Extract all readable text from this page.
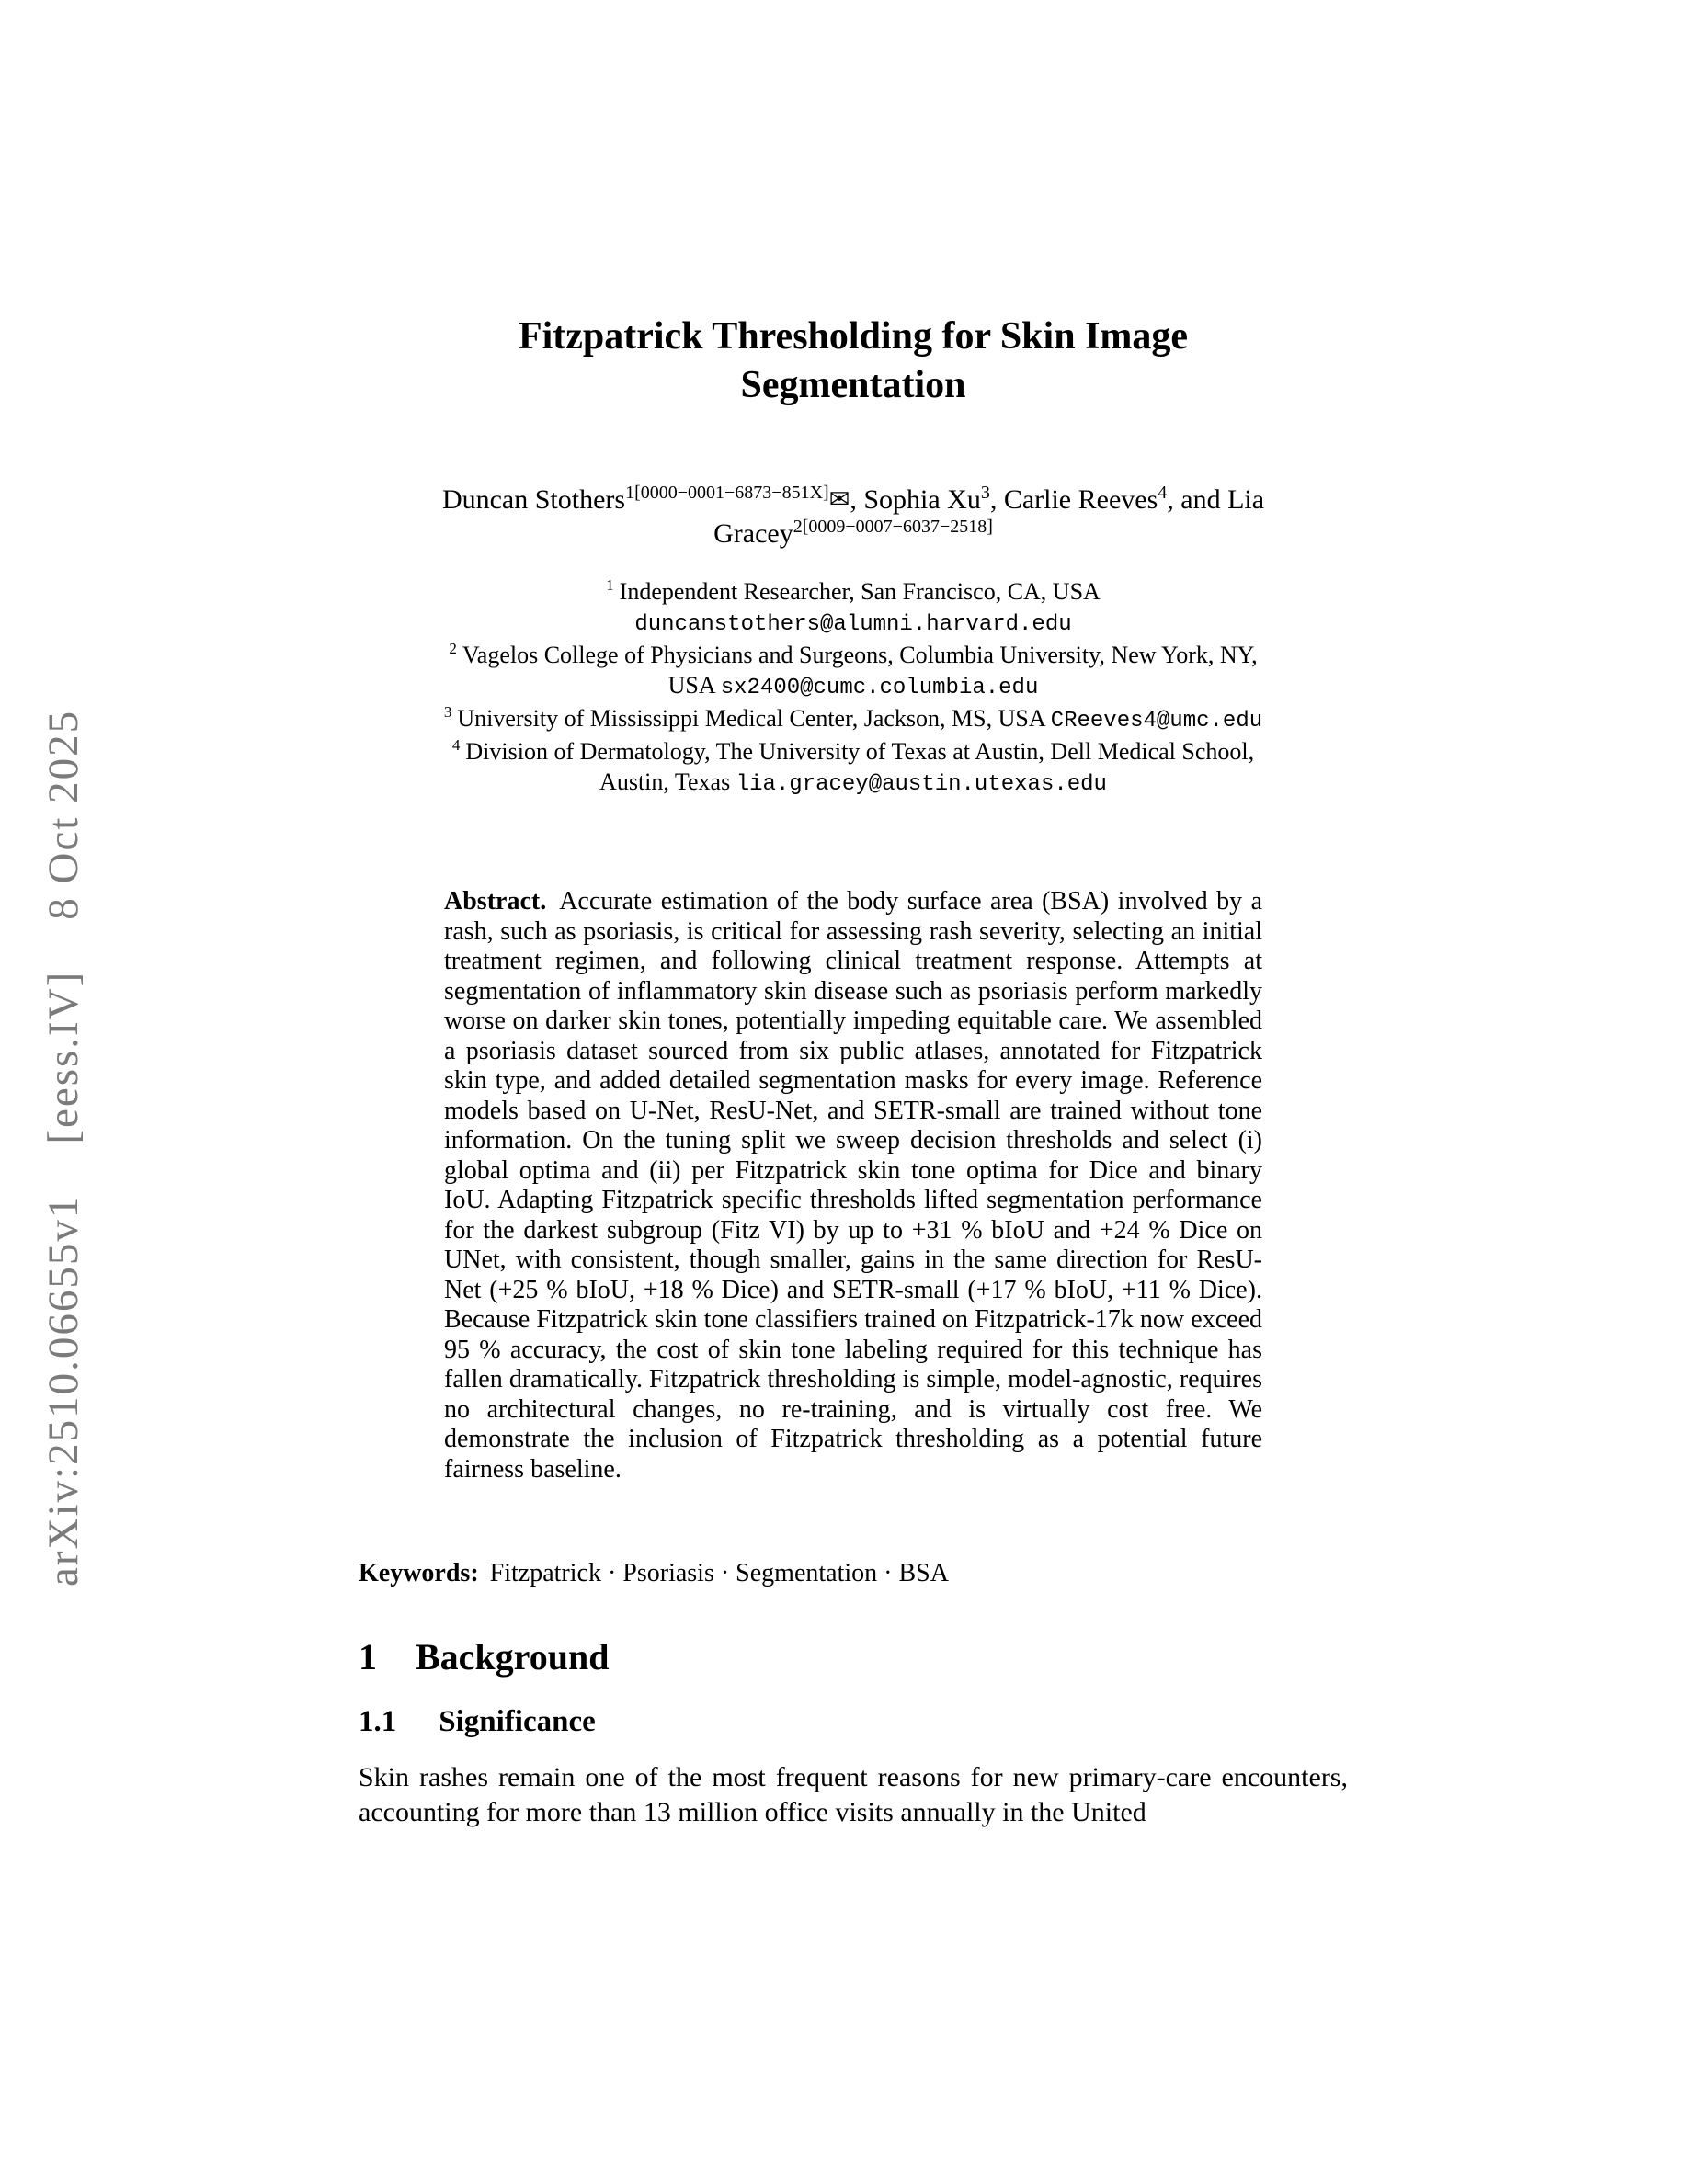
arXiv:2510.06655v1    [eess.IV]    8 Oct 2025
Fitzpatrick Thresholding for Skin Image Segmentation

Duncan Stothers$^{1[0000-0001-6873-851X]}$✉, Sophia Xu$^3$, Carlie Reeves$^4$, and Lia
Gracey$^{2[0009-0007-6037-2518]}$

$^1$ Independent Researcher, San Francisco, CA, USA
duncanstothers@alumni.harvard.edu
$^2$ Vagelos College of Physicians and Surgeons, Columbia University, New York, NY,
USA sx2400@cumc.columbia.edu
$^3$ University of Mississippi Medical Center, Jackson, MS, USA CReeves4@umc.edu
$^4$ Division of Dermatology, The University of Texas at Austin, Dell Medical School,
Austin, Texas lia.gracey@austin.utexas.edu

Abstract. Accurate estimation of the body surface area (BSA) involved by a rash, such as psoriasis, is critical for assessing rash severity, selecting an initial treatment regimen, and following clinical treatment response. Attempts at segmentation of inflammatory skin disease such as psoriasis perform markedly worse on darker skin tones, potentially impeding equitable care. We assembled a psoriasis dataset sourced from six public atlases, annotated for Fitzpatrick skin type, and added detailed segmentation masks for every image. Reference models based on U-Net, ResU-Net, and SETR-small are trained without tone information. On the tuning split we sweep decision thresholds and select (i) global optima and (ii) per Fitzpatrick skin tone optima for Dice and binary IoU. Adapting Fitzpatrick specific thresholds lifted segmentation performance for the darkest subgroup (Fitz VI) by up to +31 % bIoU and +24 % Dice on UNet, with consistent, though smaller, gains in the same direction for ResU-Net (+25 % bIoU, +18 % Dice) and SETR-small (+17 % bIoU, +11 % Dice). Because Fitzpatrick skin tone classifiers trained on Fitzpatrick-17k now exceed 95 % accuracy, the cost of skin tone labeling required for this technique has fallen dramatically. Fitzpatrick thresholding is simple, model-agnostic, requires no architectural changes, no re-training, and is virtually cost free. We demonstrate the inclusion of Fitzpatrick thresholding as a potential future fairness baseline.

Keywords: Fitzpatrick · Psoriasis · Segmentation · BSA

1 Background
1.1 Significance

Skin rashes remain one of the most frequent reasons for new primary-care encounters, accounting for more than 13 million office visits annually in the United
